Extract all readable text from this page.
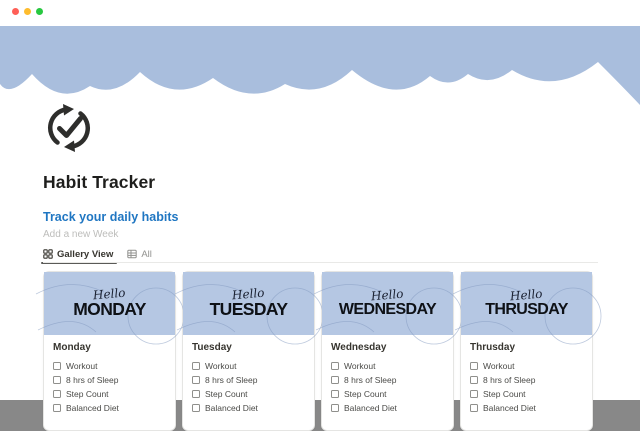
Habit Tracker
Track your daily habits
Add a new Week
Gallery View	All
Hello
MONDAY
Monday
Workout
8 hrs of Sleep
Step Count
Balanced Diet
Hello
TUESDAY
Tuesday
Workout
8 hrs of Sleep
Step Count
Balanced Diet
Hello
WEDNESDAY
Wednesday
Workout
8 hrs of Sleep
Step Count
Balanced Diet
Hello
THRUSDAY
Thrusday
Workout
8 hrs of Sleep
Step Count
Balanced Diet
